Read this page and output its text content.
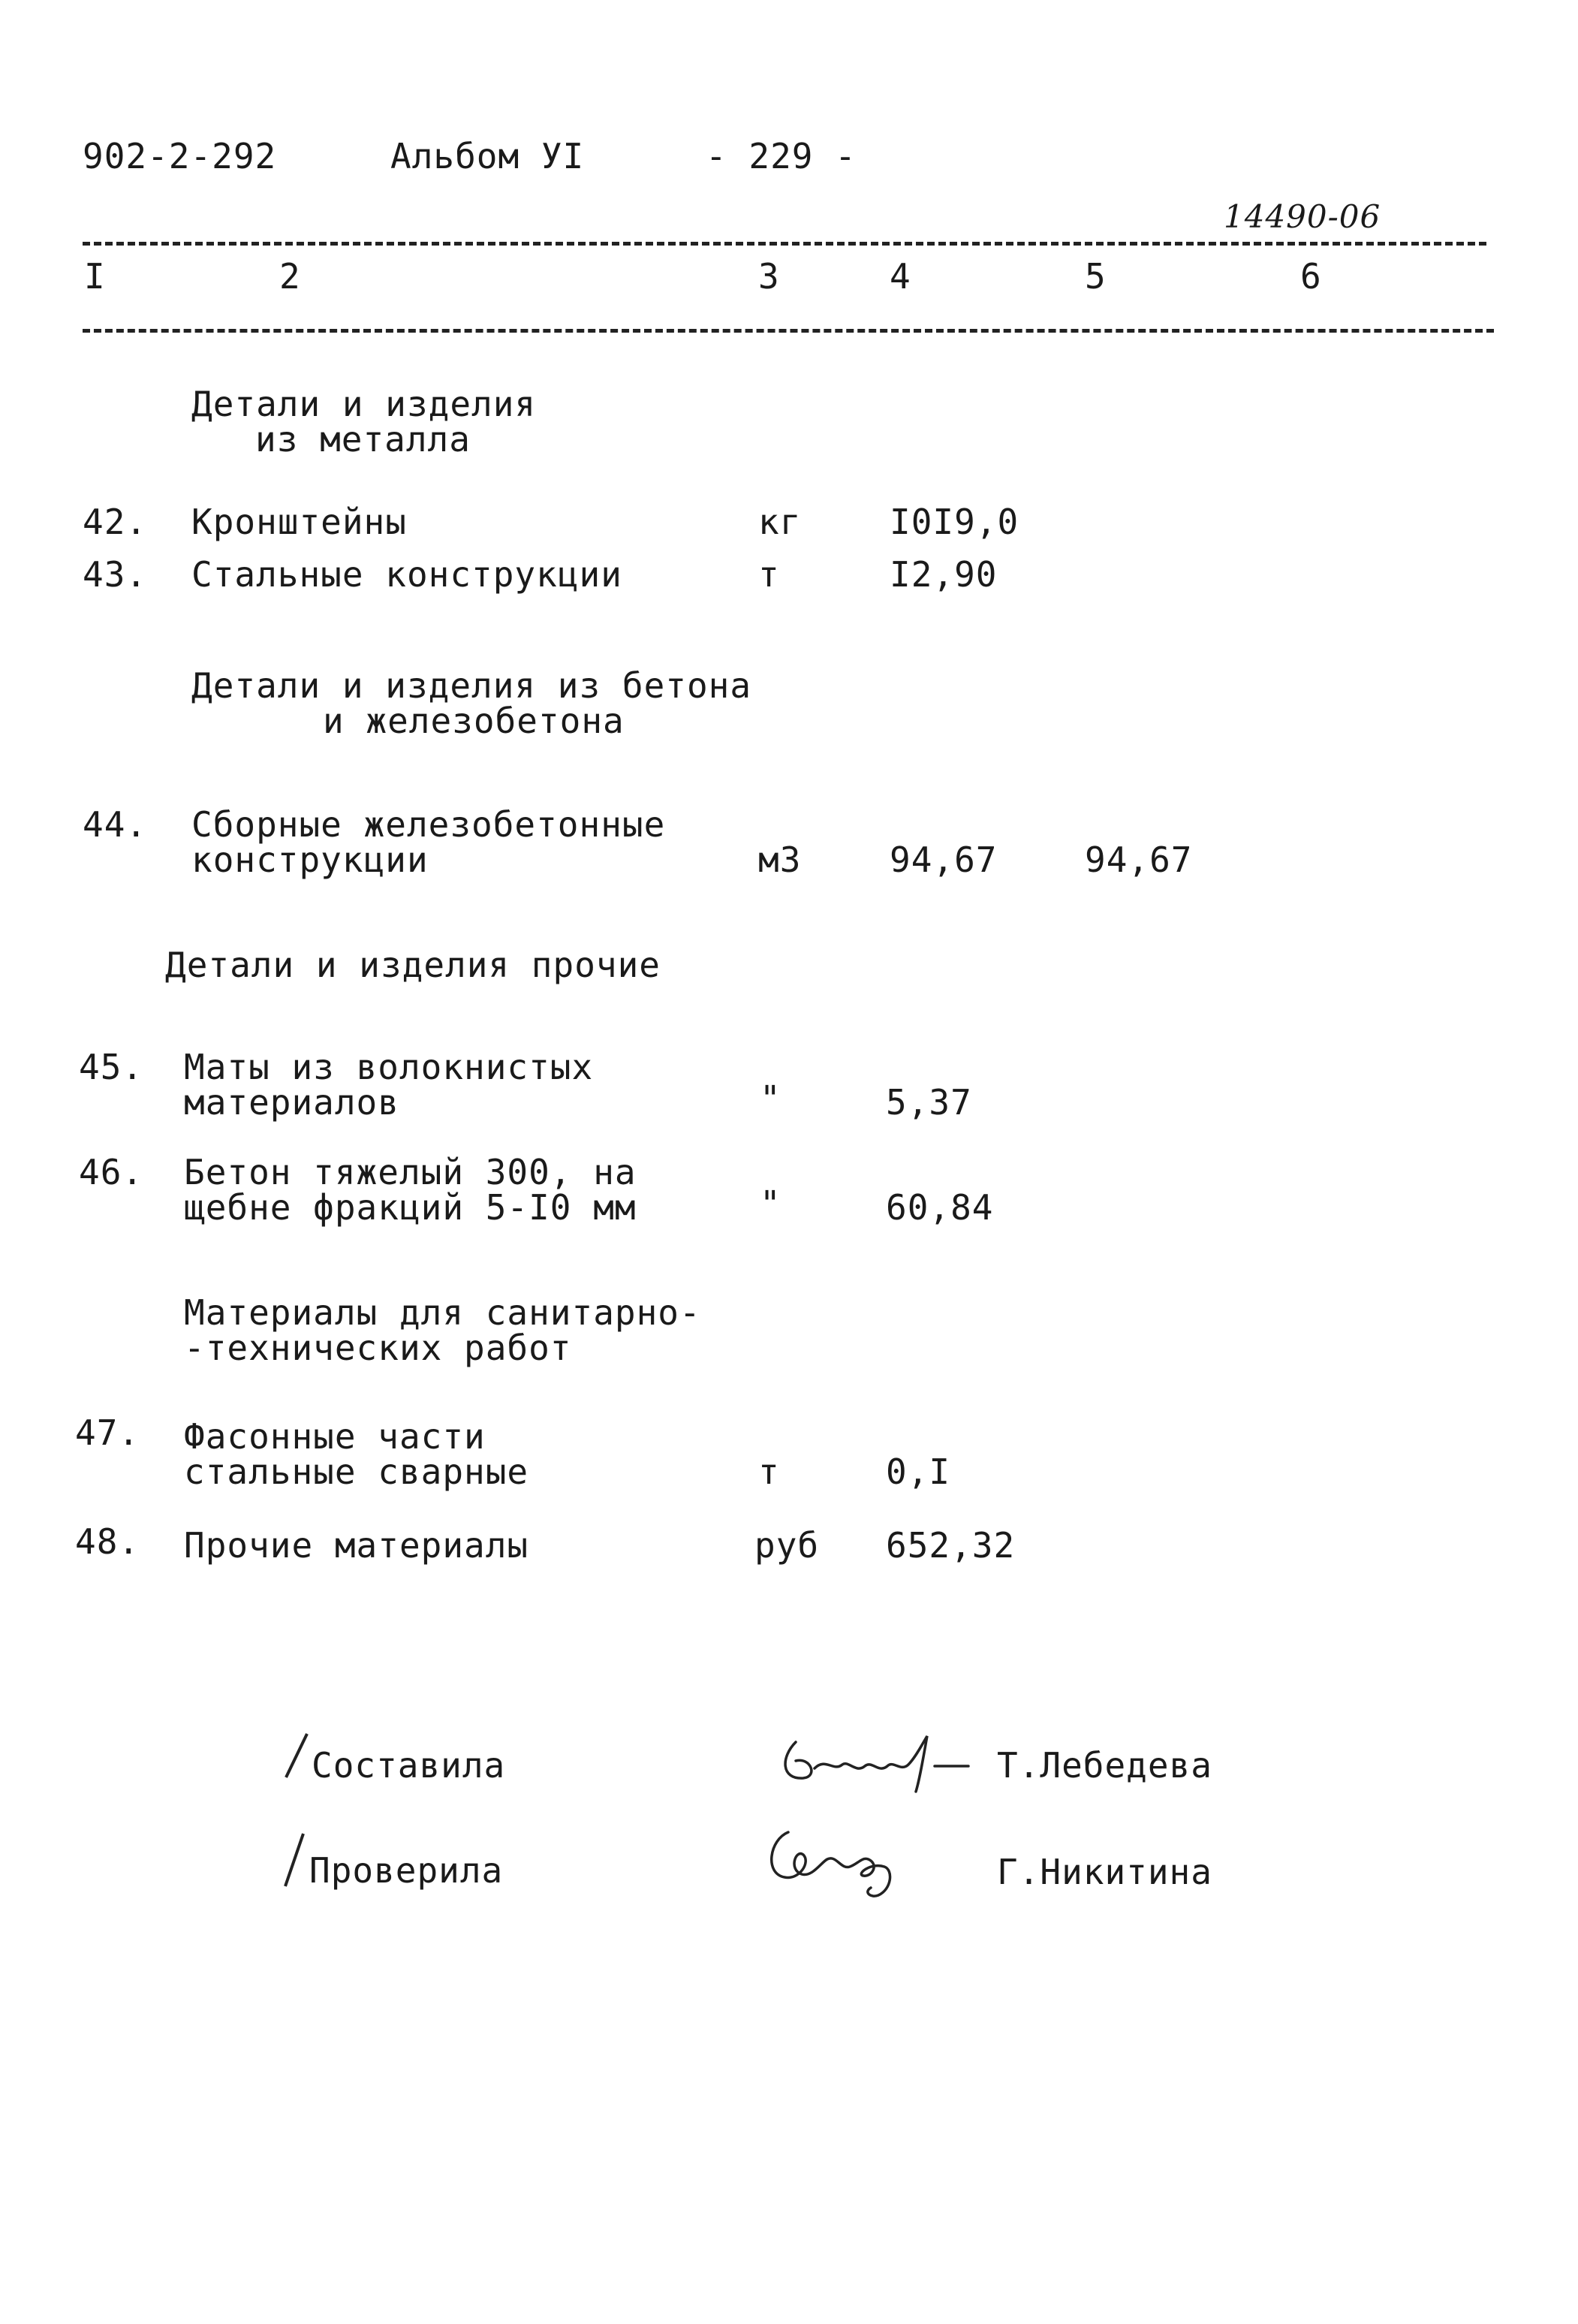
902-2-292	Альбом УI	- 229 -
14490-06
I	2	3	4	5	6
Детали и изделия
из металла
42. Кронштейны	кг	I0I9,0
43. Стальные конструкции	т	I2,90
Детали и изделия из бетона
и железобетона
44. Сборные железобетонные
конструкции	м3	94,67	94,67
Детали и изделия прочие
45. Маты из волокнистых
материалов	"	5,37
46. Бетон тяжелый 300, на
щебне фракций 5-I0 мм	"	60,84
Материалы для санитарно-
-технических работ
47. Фасонные части
стальные сварные	т	0,I
48. Прочие материалы	руб 652,32
Составила	Т.Лебедева
Проверила	Г.Никитина
